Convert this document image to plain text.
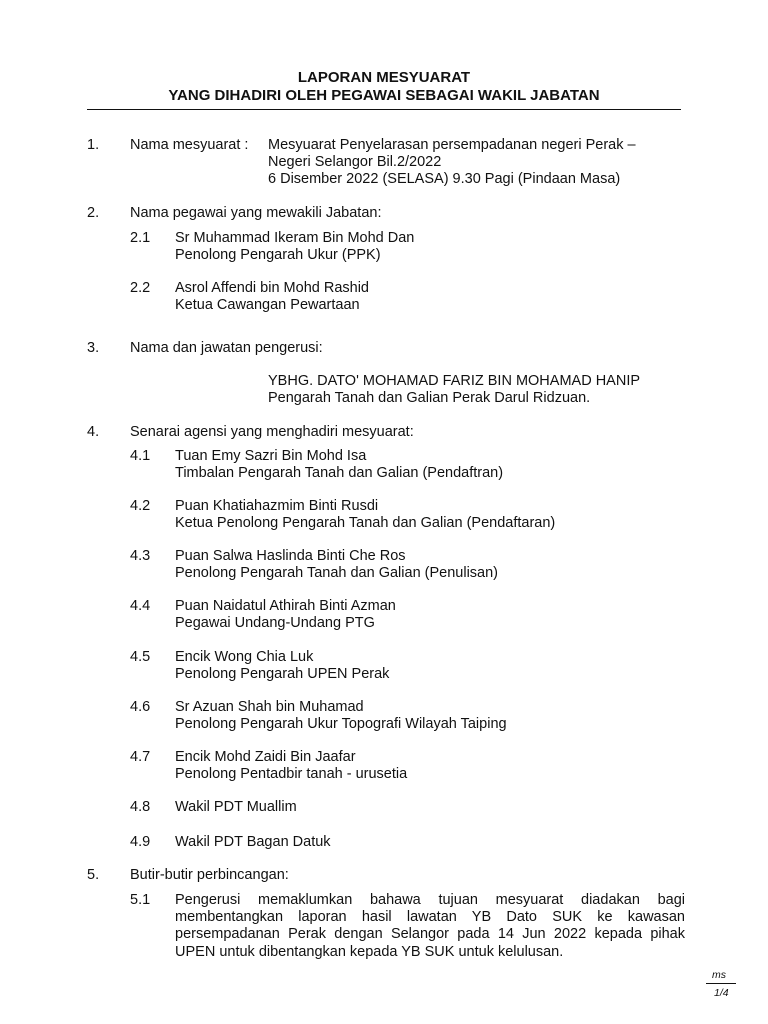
LAPORAN MESYUARAT
YANG DIHADIRI OLEH PEGAWAI SEBAGAI WAKIL JABATAN
1. Nama mesyuarat : Mesyuarat Penyelarasan persempadanan negeri Perak –
Negeri Selangor Bil.2/2022
6 Disember 2022 (SELASA) 9.30 Pagi (Pindaan Masa)
2. Nama pegawai yang mewakili Jabatan:
2.1 Sr Muhammad Ikeram Bin Mohd Dan
Penolong Pengarah Ukur (PPK)
2.2 Asrol Affendi bin Mohd Rashid
Ketua Cawangan Pewartaan
3. Nama dan jawatan pengerusi:
YBHG. DATO' MOHAMAD FARIZ BIN MOHAMAD HANIP
Pengarah Tanah dan Galian Perak Darul Ridzuan.
4. Senarai agensi yang menghadiri mesyuarat:
4.1 Tuan Emy Sazri Bin Mohd Isa
Timbalan Pengarah Tanah dan Galian (Pendaftran)
4.2 Puan Khatiahazmim Binti Rusdi
Ketua Penolong Pengarah Tanah dan Galian (Pendaftaran)
4.3 Puan Salwa Haslinda Binti Che Ros
Penolong Pengarah Tanah dan Galian (Penulisan)
4.4 Puan Naidatul Athirah Binti Azman
Pegawai Undang-Undang PTG
4.5 Encik Wong Chia Luk
Penolong Pengarah UPEN Perak
4.6 Sr Azuan Shah bin Muhamad
Penolong Pengarah Ukur Topografi Wilayah Taiping
4.7 Encik Mohd Zaidi Bin Jaafar
Penolong Pentadbir tanah - urusetia
4.8 Wakil PDT Muallim
4.9 Wakil PDT Bagan Datuk
5. Butir-butir perbincangan:
5.1 Pengerusi memaklumkan bahawa tujuan mesyuarat diadakan bagi
membentangkan laporan hasil lawatan YB Dato SUK ke kawasan
persempadanan Perak dengan Selangor pada 14 Jun 2022 kepada pihak
UPEN untuk dibentangkan kepada YB SUK untuk kelulusan.
ms
1/4
